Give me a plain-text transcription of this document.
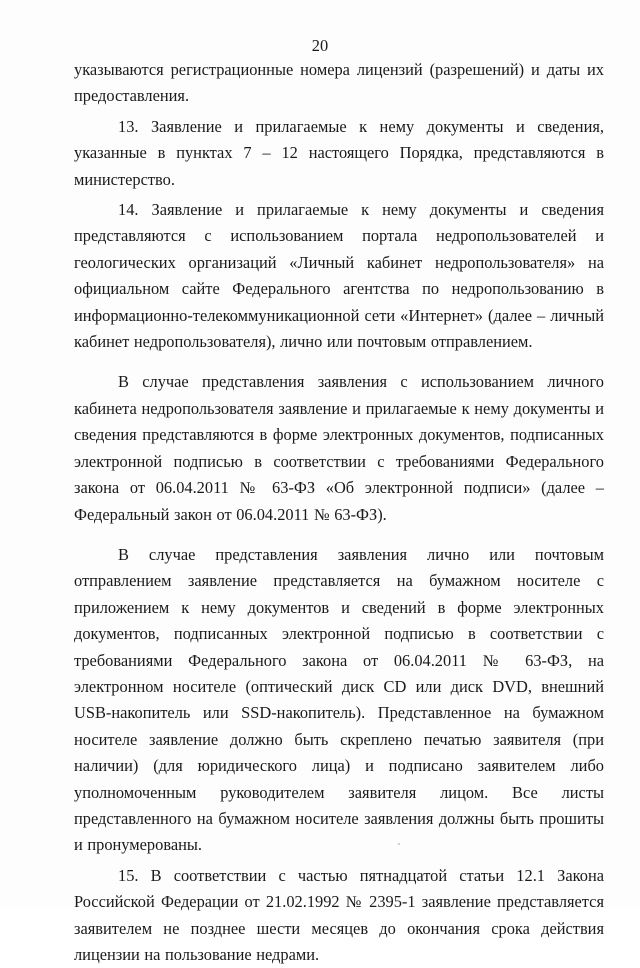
20

указываются регистрационные номера лицензий (разрешений) и даты их предоставления.

13. Заявление и прилагаемые к нему документы и сведения, указанные в пунктах 7 – 12 настоящего Порядка, представляются в министерство.

14. Заявление и прилагаемые к нему документы и сведения представляются с использованием портала недропользователей и геологических организаций «Личный кабинет недропользователя» на официальном сайте Федерального агентства по недропользованию в информационно-телекоммуникационной сети «Интернет» (далее – личный кабинет недропользователя), лично или почтовым отправлением.

В случае представления заявления с использованием личного кабинета недропользователя заявление и прилагаемые к нему документы и сведения представляются в форме электронных документов, подписанных электронной подписью в соответствии с требованиями Федерального закона от 06.04.2011 № 63-ФЗ «Об электронной подписи» (далее – Федеральный закон от 06.04.2011 № 63-ФЗ).

В случае представления заявления лично или почтовым отправлением заявление представляется на бумажном носителе с приложением к нему документов и сведений в форме электронных документов, подписанных электронной подписью в соответствии с требованиями Федерального закона от 06.04.2011 № 63-ФЗ, на электронном носителе (оптический диск CD или диск DVD, внешний USB-накопитель или SSD-накопитель). Представленное на бумажном носителе заявление должно быть скреплено печатью заявителя (при наличии) (для юридического лица) и подписано заявителем либо уполномоченным руководителем заявителя лицом. Все листы представленного на бумажном носителе заявления должны быть прошиты и пронумерованы.

15. В соответствии с частью пятнадцатой статьи 12.1 Закона Российской Федерации от 21.02.1992 № 2395-1 заявление представляется заявителем не позднее шести месяцев до окончания срока действия лицензии на пользование недрами.
